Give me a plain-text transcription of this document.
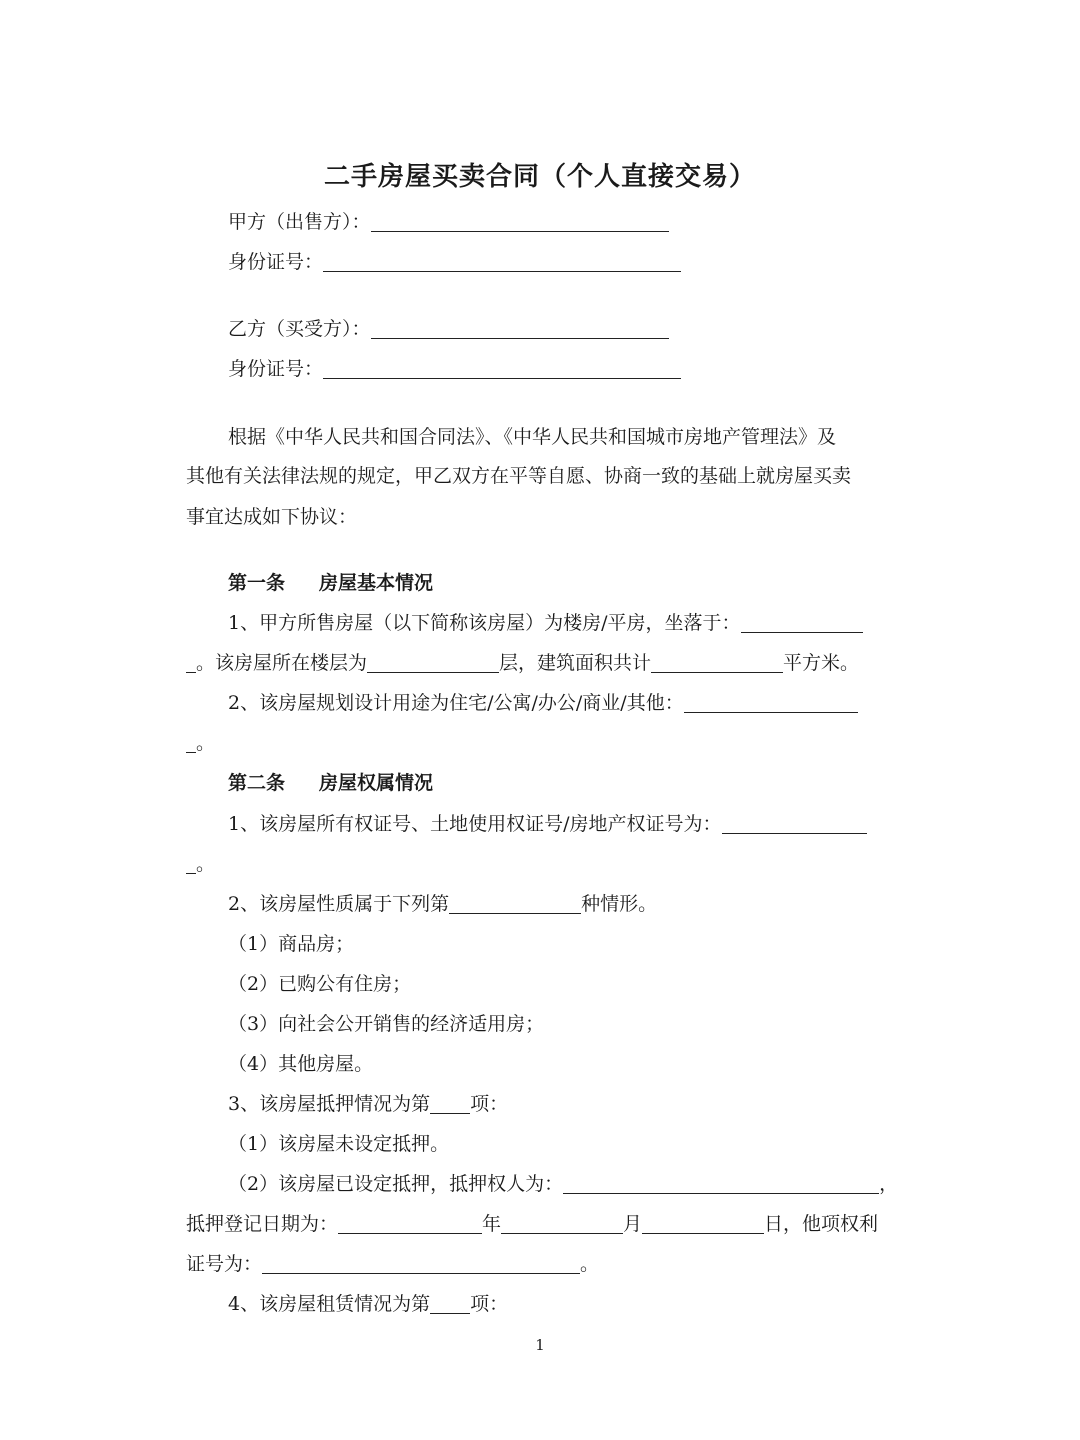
二手房屋买卖合同（个人直接交易）
甲方（出售方）：
身份证号：
乙方（买受方）：
身份证号：
根据《中华人民共和国合同法》、《中华人民共和国城市房地产管理法》及
其他有关法律法规的规定，甲乙双方在平等自愿、协商一致的基础上就房屋买卖
事宜达成如下协议：
第一条 房屋基本情况
1、甲方所售房屋（以下简称该房屋）为楼房/平房，坐落于：
。该房屋所在楼层为	层，建筑面积共计	平方米。
2、该房屋规划设计用途为住宅/公寓/办公/商业/其他：
。
第二条 房屋权属情况
1、该房屋所有权证号、土地使用权证号/房地产权证号为：
。
2、该房屋性质属于下列第	种情形。
（1）商品房；
（2）已购公有住房；
（3）向社会公开销售的经济适用房；
（4）其他房屋。
3、该房屋抵押情况为第 项：
（1）该房屋未设定抵押。
（2）该房屋已设定抵押，抵押权人为：	，
抵押登记日期为：	年	月	日，他项权利
证号为：	。
4、该房屋租赁情况为第 项：
1
